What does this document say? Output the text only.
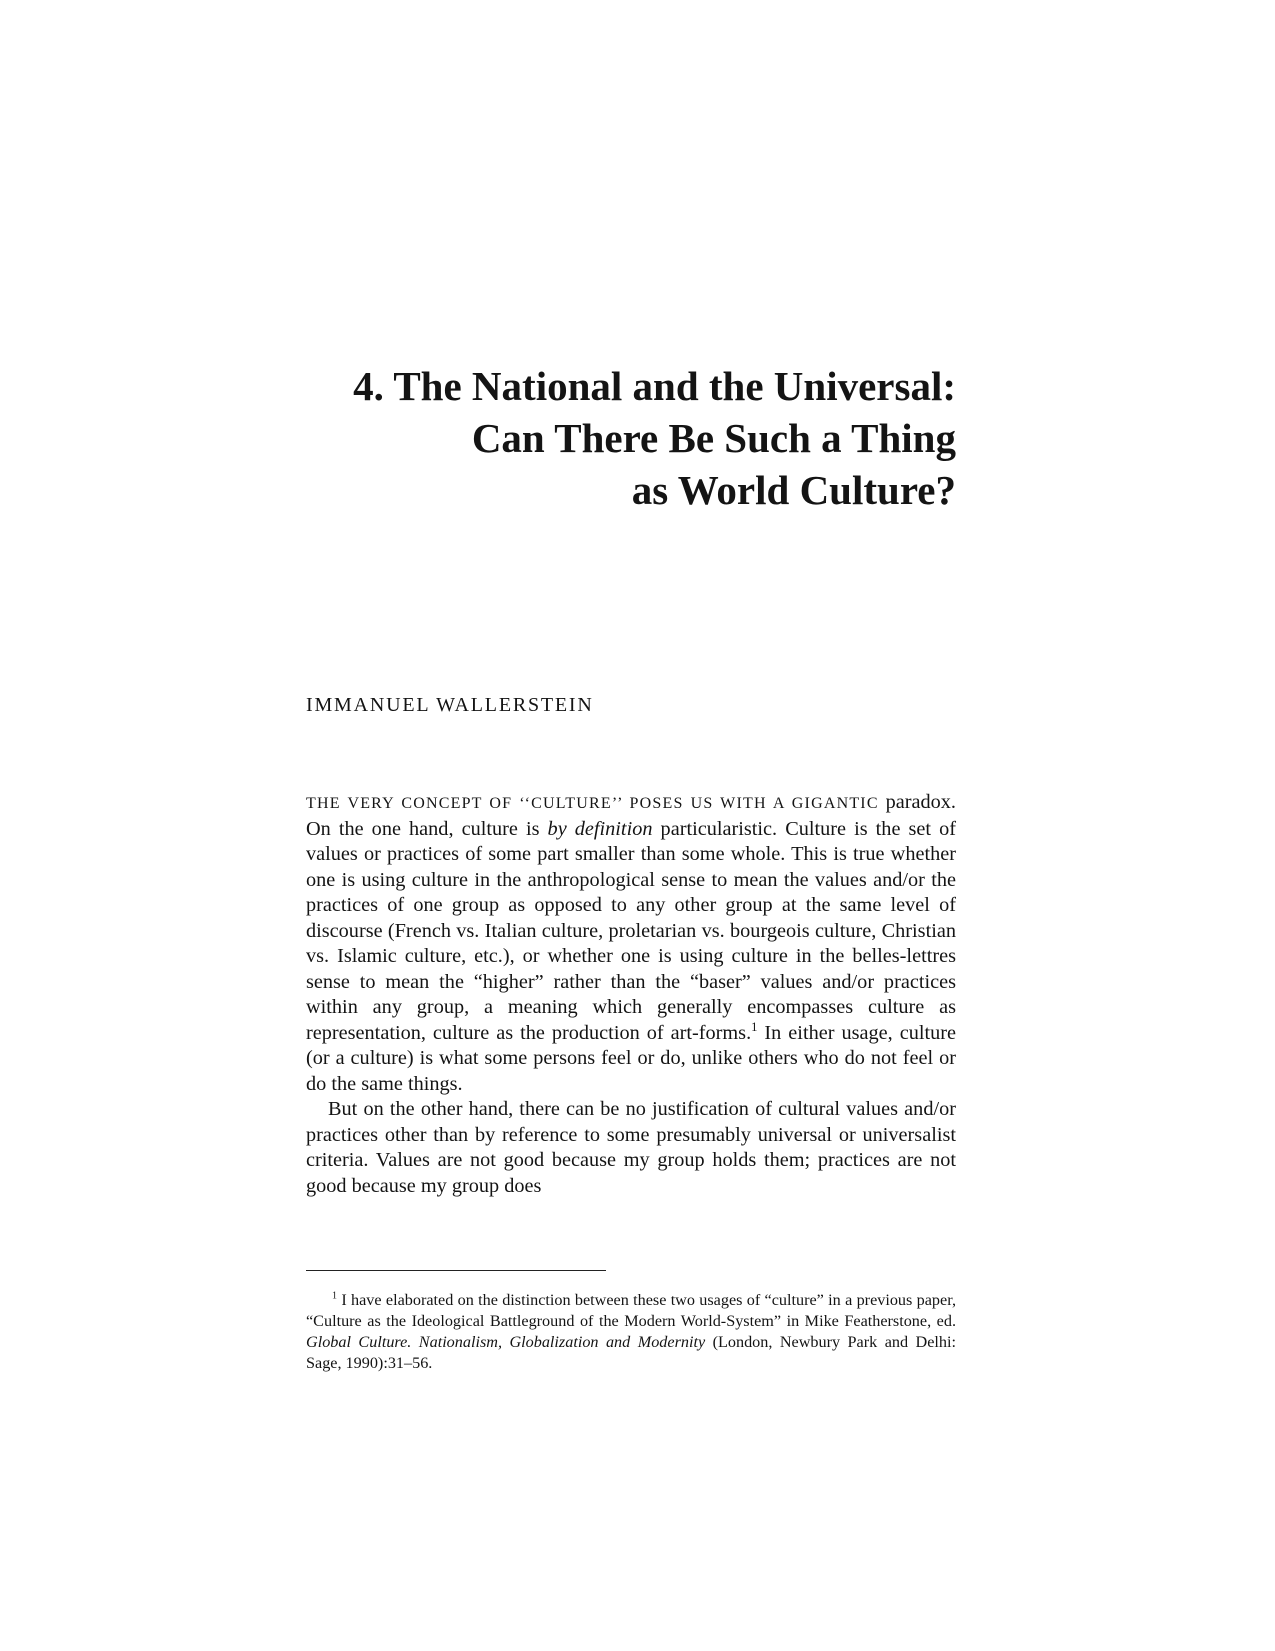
4. The National and the Universal:
Can There Be Such a Thing
as World Culture?

IMMANUEL WALLERSTEIN

THE VERY CONCEPT OF ‘‘CULTURE’’ POSES US WITH A GIGANTIC paradox. On the one hand, culture is by definition particularistic. Culture is the set of values or practices of some part smaller than some whole. This is true whether one is using culture in the anthropological sense to mean the values and/or the practices of one group as opposed to any other group at the same level of discourse (French vs. Italian culture, proletarian vs. bourgeois culture, Christian vs. Islamic culture, etc.), or whether one is using culture in the belles-lettres sense to mean the “higher” rather than the “baser” values and/or practices within any group, a meaning which generally encompasses culture as representation, culture as the production of art-forms.$^1$ In either usage, culture (or a culture) is what some persons feel or do, unlike others who do not feel or do the same things.

But on the other hand, there can be no justification of cultural values and/or practices other than by reference to some presumably universal or universalist criteria. Values are not good because my group holds them; practices are not good because my group does

$^1$ I have elaborated on the distinction between these two usages of “culture” in a previous paper, “Culture as the Ideological Battleground of the Modern World-System” in Mike Featherstone, ed. Global Culture. Nationalism, Globalization and Modernity (London, Newbury Park and Delhi: Sage, 1990):31–56.
